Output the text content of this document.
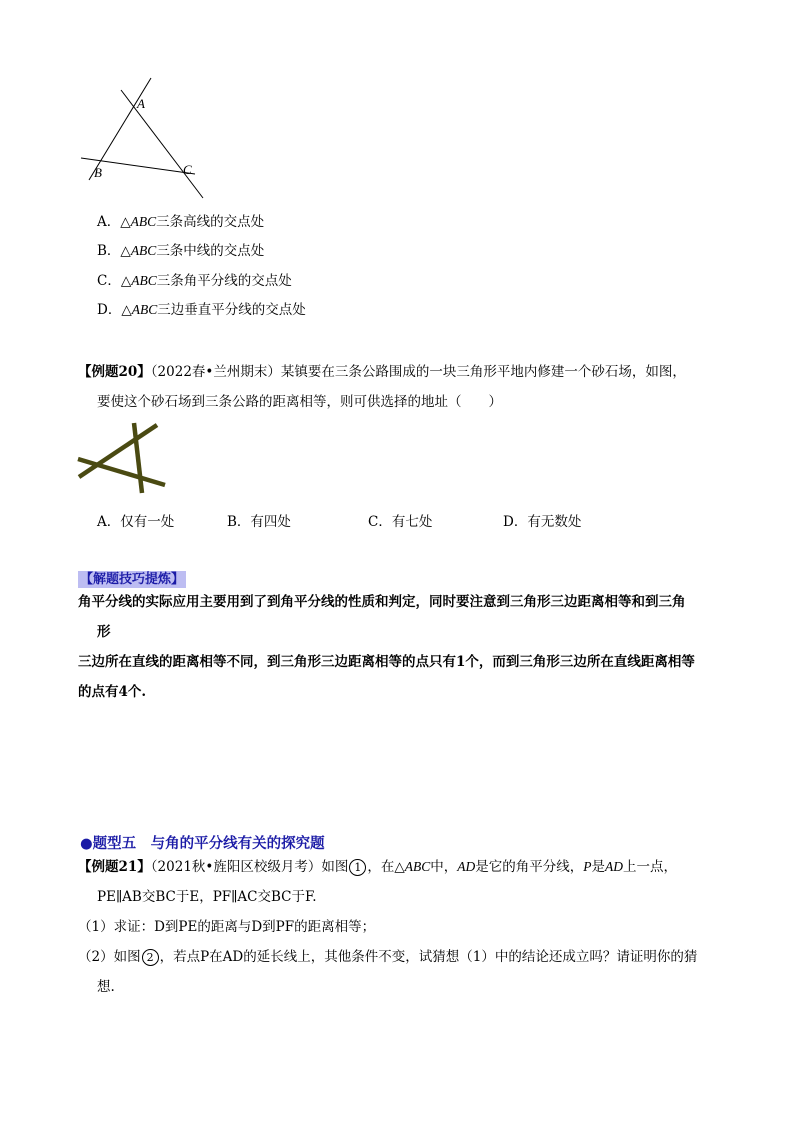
A
B	C
A．△ABC三条高线的交点处
B．△ABC三条中线的交点处
C．△ABC三条角平分线的交点处
D．△ABC三边垂直平分线的交点处
【例题20】（2022春•兰州期末）某镇要在三条公路围成的一块三角形平地内修建一个砂石场，如图，
要使这个砂石场到三条公路的距离相等，则可供选择的地址（　　）
A．仅有一处	B．有四处	C．有七处	D．有无数处
【解题技巧提炼】
角平分线的实际应用主要用到了到角平分线的性质和判定，同时要注意到三角形三边距离相等和到三角
形
三边所在直线的距离相等不同，到三角形三边距离相等的点只有1个，而到三角形三边所在直线距离相等
的点有4个.
●题型五　与角的平分线有关的探究题
【例题21】（2021秋•旌阳区校级月考）如图 1 ，在△ABC中，AD是它的角平分线，P是AD上一点，
PE∥AB交BC于E，PF∥AC交BC于F.
（1）求证：D到PE的距离与D到PF的距离相等；
（2）如图 2 ，若点P在AD的延长线上，其他条件不变，试猜想（1）中的结论还成立吗？请证明你的猜
想.
